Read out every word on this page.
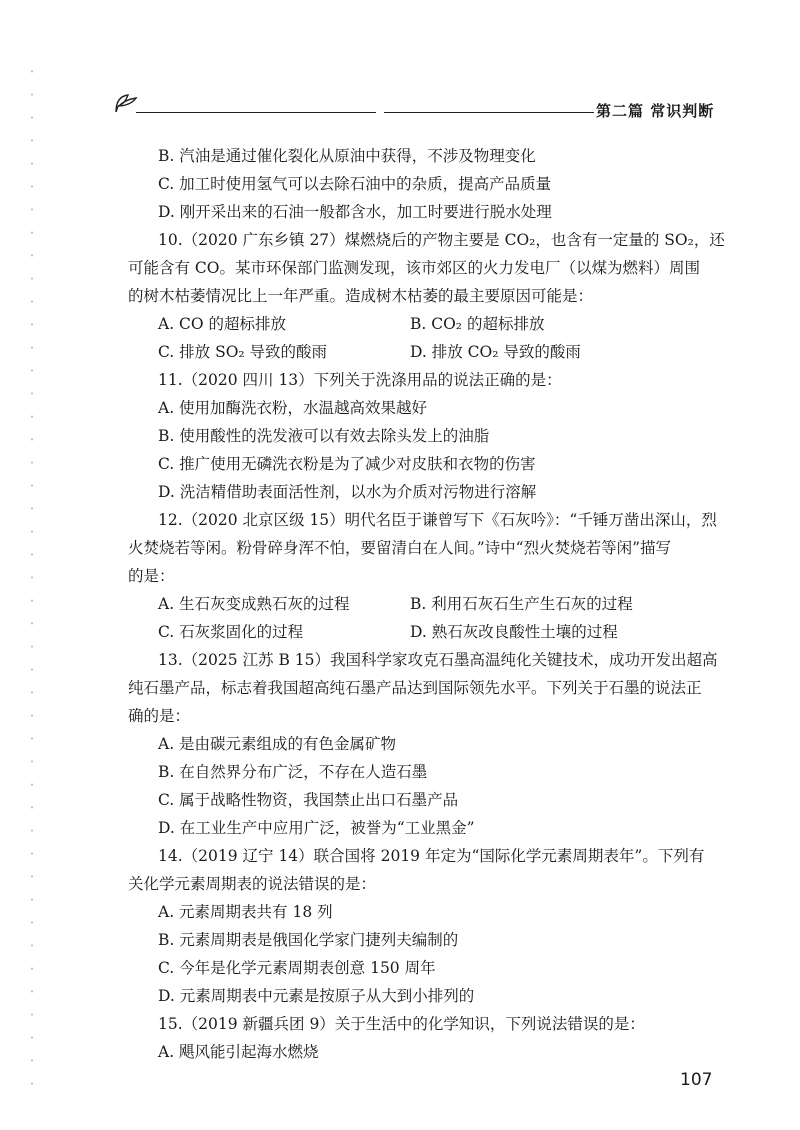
第二篇 常识判断
B. 汽油是通过催化裂化从原油中获得，不涉及物理变化
C. 加工时使用氢气可以去除石油中的杂质，提高产品质量
D. 刚开采出来的石油一般都含水，加工时要进行脱水处理
10.（2020 广东乡镇 27）煤燃烧后的产物主要是 CO₂，也含有一定量的 SO₂，还
可能含有 CO。某市环保部门监测发现，该市郊区的火力发电厂（以煤为燃料）周围
的树木枯萎情况比上一年严重。造成树木枯萎的最主要原因可能是：
A. CO 的超标排放	B. CO₂ 的超标排放
C. 排放 SO₂ 导致的酸雨	D. 排放 CO₂ 导致的酸雨
11.（2020 四川 13）下列关于洗涤用品的说法正确的是：
A. 使用加酶洗衣粉，水温越高效果越好
B. 使用酸性的洗发液可以有效去除头发上的油脂
C. 推广使用无磷洗衣粉是为了减少对皮肤和衣物的伤害
D. 洗洁精借助表面活性剂，以水为介质对污物进行溶解
12.（2020 北京区级 15）明代名臣于谦曾写下《石灰吟》：“千锤万凿出深山，烈
火焚烧若等闲。粉骨碎身浑不怕，要留清白在人间。”诗中“烈火焚烧若等闲”描写
的是：
A. 生石灰变成熟石灰的过程	B. 利用石灰石生产生石灰的过程
C. 石灰浆固化的过程	D. 熟石灰改良酸性土壤的过程
13.（2025 江苏 B 15）我国科学家攻克石墨高温纯化关键技术，成功开发出超高
纯石墨产品，标志着我国超高纯石墨产品达到国际领先水平。下列关于石墨的说法正
确的是：
A. 是由碳元素组成的有色金属矿物
B. 在自然界分布广泛，不存在人造石墨
C. 属于战略性物资，我国禁止出口石墨产品
D. 在工业生产中应用广泛，被誉为“工业黑金”
14.（2019 辽宁 14）联合国将 2019 年定为“国际化学元素周期表年”。下列有
关化学元素周期表的说法错误的是：
A. 元素周期表共有 18 列
B. 元素周期表是俄国化学家门捷列夫编制的
C. 今年是化学元素周期表创意 150 周年
D. 元素周期表中元素是按原子从大到小排列的
15.（2019 新疆兵团 9）关于生活中的化学知识，下列说法错误的是：
A. 飓风能引起海水燃烧
107
